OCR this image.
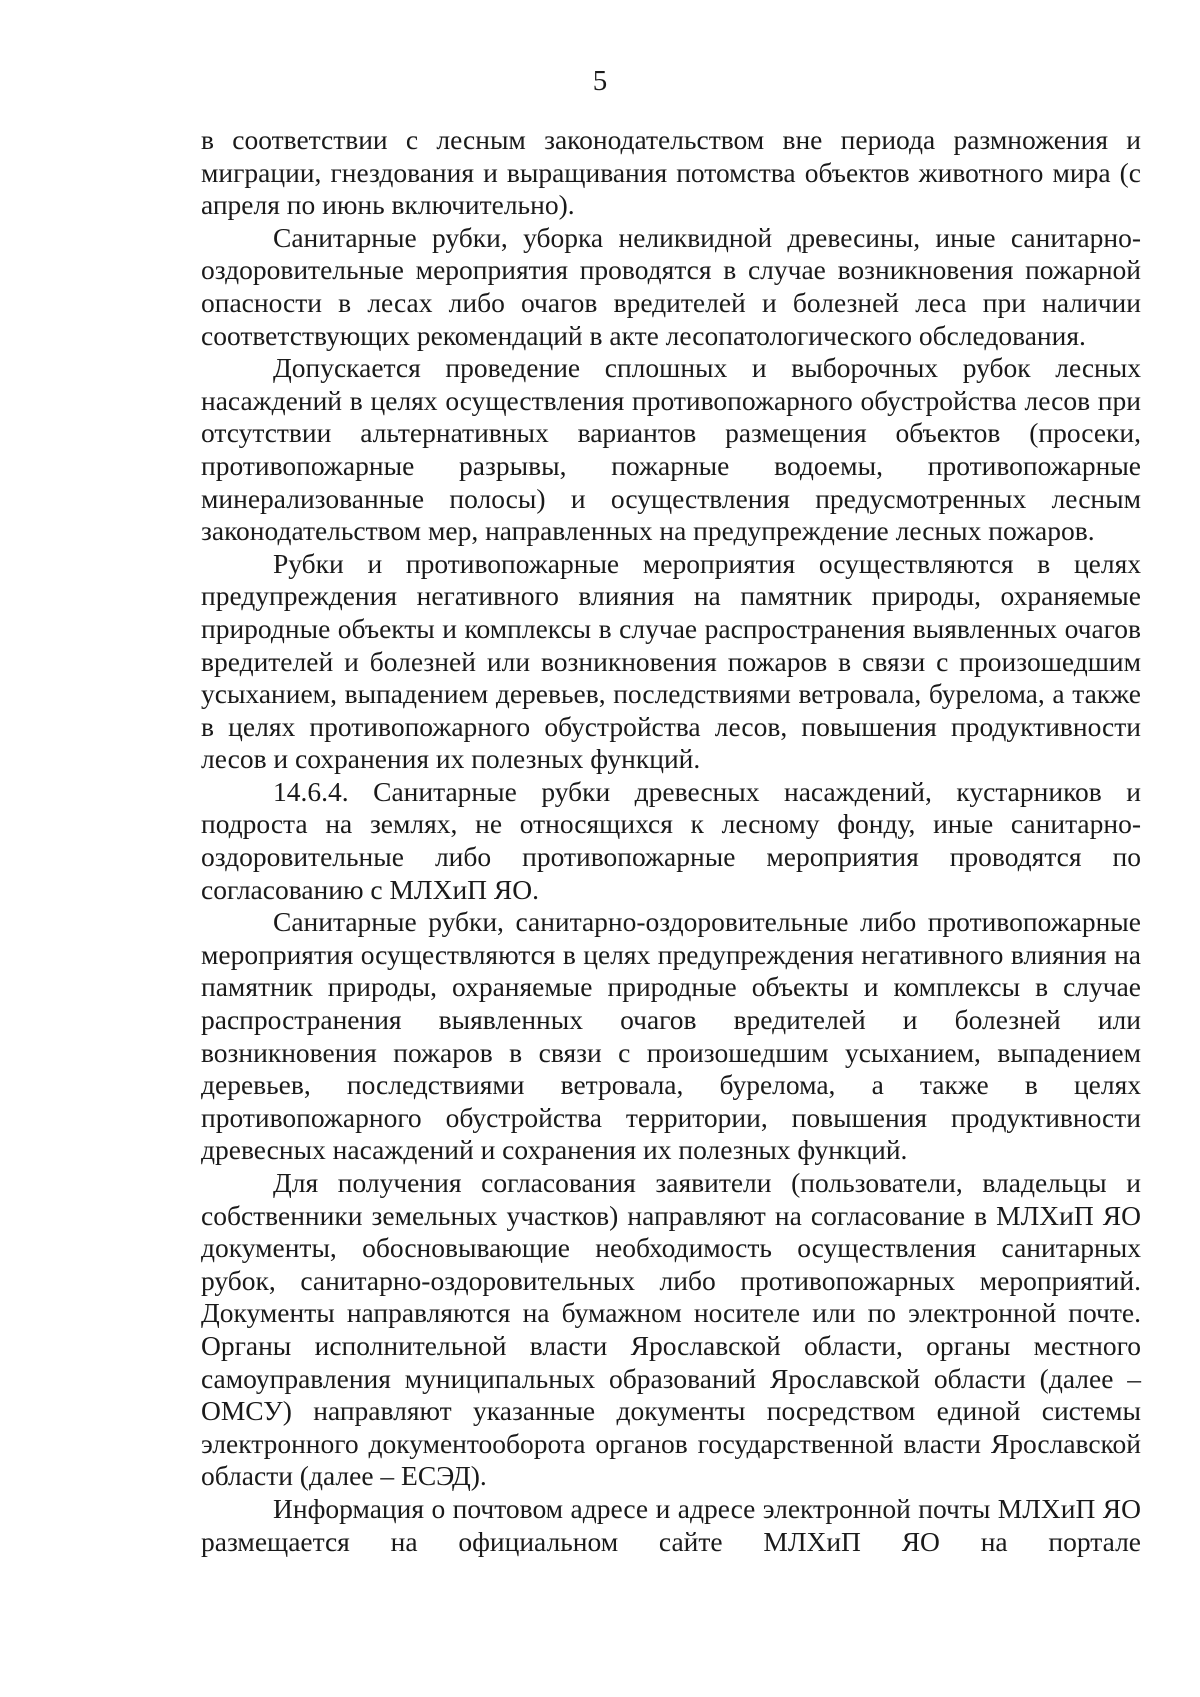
5

в соответствии с лесным законодательством вне периода размножения и миграции, гнездования и выращивания потомства объектов животного мира (с апреля по июнь включительно).

Санитарные рубки, уборка неликвидной древесины, иные санитарно-оздоровительные мероприятия проводятся в случае возникновения пожарной опасности в лесах либо очагов вредителей и болезней леса при наличии соответствующих рекомендаций в акте лесопатологического обследования.

Допускается проведение сплошных и выборочных рубок лесных насаждений в целях осуществления противопожарного обустройства лесов при отсутствии альтернативных вариантов размещения объектов (просеки, противопожарные разрывы, пожарные водоемы, противопожарные минерализованные полосы) и осуществления предусмотренных лесным законодательством мер, направленных на предупреждение лесных пожаров.

Рубки и противопожарные мероприятия осуществляются в целях предупреждения негативного влияния на памятник природы, охраняемые природные объекты и комплексы в случае распространения выявленных очагов вредителей и болезней или возникновения пожаров в связи с произошедшим усыханием, выпадением деревьев, последствиями ветровала, бурелома, а также в целях противопожарного обустройства лесов, повышения продуктивности лесов и сохранения их полезных функций.

14.6.4. Санитарные рубки древесных насаждений, кустарников и подроста на землях, не относящихся к лесному фонду, иные санитарно-оздоровительные либо противопожарные мероприятия проводятся по согласованию с МЛХиП ЯО.

Санитарные рубки, санитарно-оздоровительные либо противопожарные мероприятия осуществляются в целях предупреждения негативного влияния на памятник природы, охраняемые природные объекты и комплексы в случае распространения выявленных очагов вредителей и болезней или возникновения пожаров в связи с произошедшим усыханием, выпадением деревьев, последствиями ветровала, бурелома, а также в целях противопожарного обустройства территории, повышения продуктивности древесных насаждений и сохранения их полезных функций.

Для получения согласования заявители (пользователи, владельцы и собственники земельных участков) направляют на согласование в МЛХиП ЯО документы, обосновывающие необходимость осуществления санитарных рубок, санитарно-оздоровительных либо противопожарных мероприятий. Документы направляются на бумажном носителе или по электронной почте. Органы исполнительной власти Ярославской области, органы местного самоуправления муниципальных образований Ярославской области (далее – ОМСУ) направляют указанные документы посредством единой системы электронного документооборота органов государственной власти Ярославской области (далее – ЕСЭД).

Информация о почтовом адресе и адресе электронной почты МЛХиП ЯО размещается на официальном сайте МЛХиП ЯО на портале
